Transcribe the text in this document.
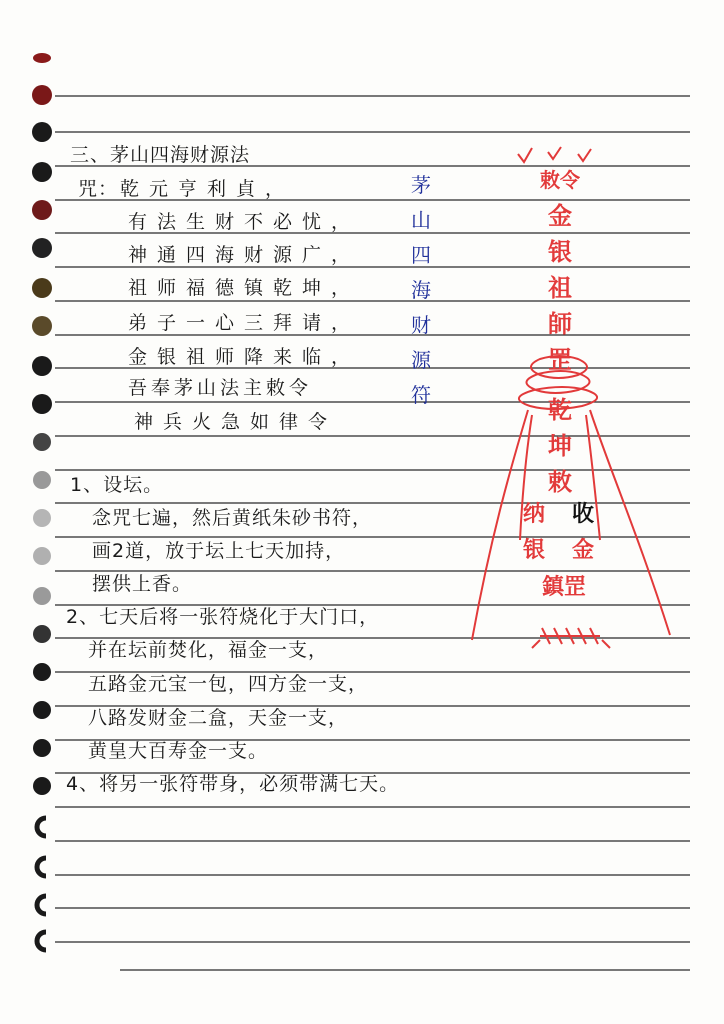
三、茅山四海财源法
咒： 乾元亨利貞，
有法生财不必忧，
神通四海财源广，
祖师福德镇乾坤，
弟子一心三拜请，
金银祖师降来临，
吾奉茅山法主敕令
神兵火急如律令
茅
山
四
海
财
源
符
敕令
金
银
祖
師
罡
乾
坤
敕
纳
银
收
金
鎮罡
1、设坛。
念咒七遍，然后黄纸朱砂书符，
画2道，放于坛上七天加持，
摆供上香。
2、七天后将一张符烧化于大门口，
并在坛前焚化，福金一支，
五路金元宝一包，四方金一支，
八路发财金二盒，天金一支，
黄皇大百寿金一支。
4、将另一张符带身，必须带满七天。
